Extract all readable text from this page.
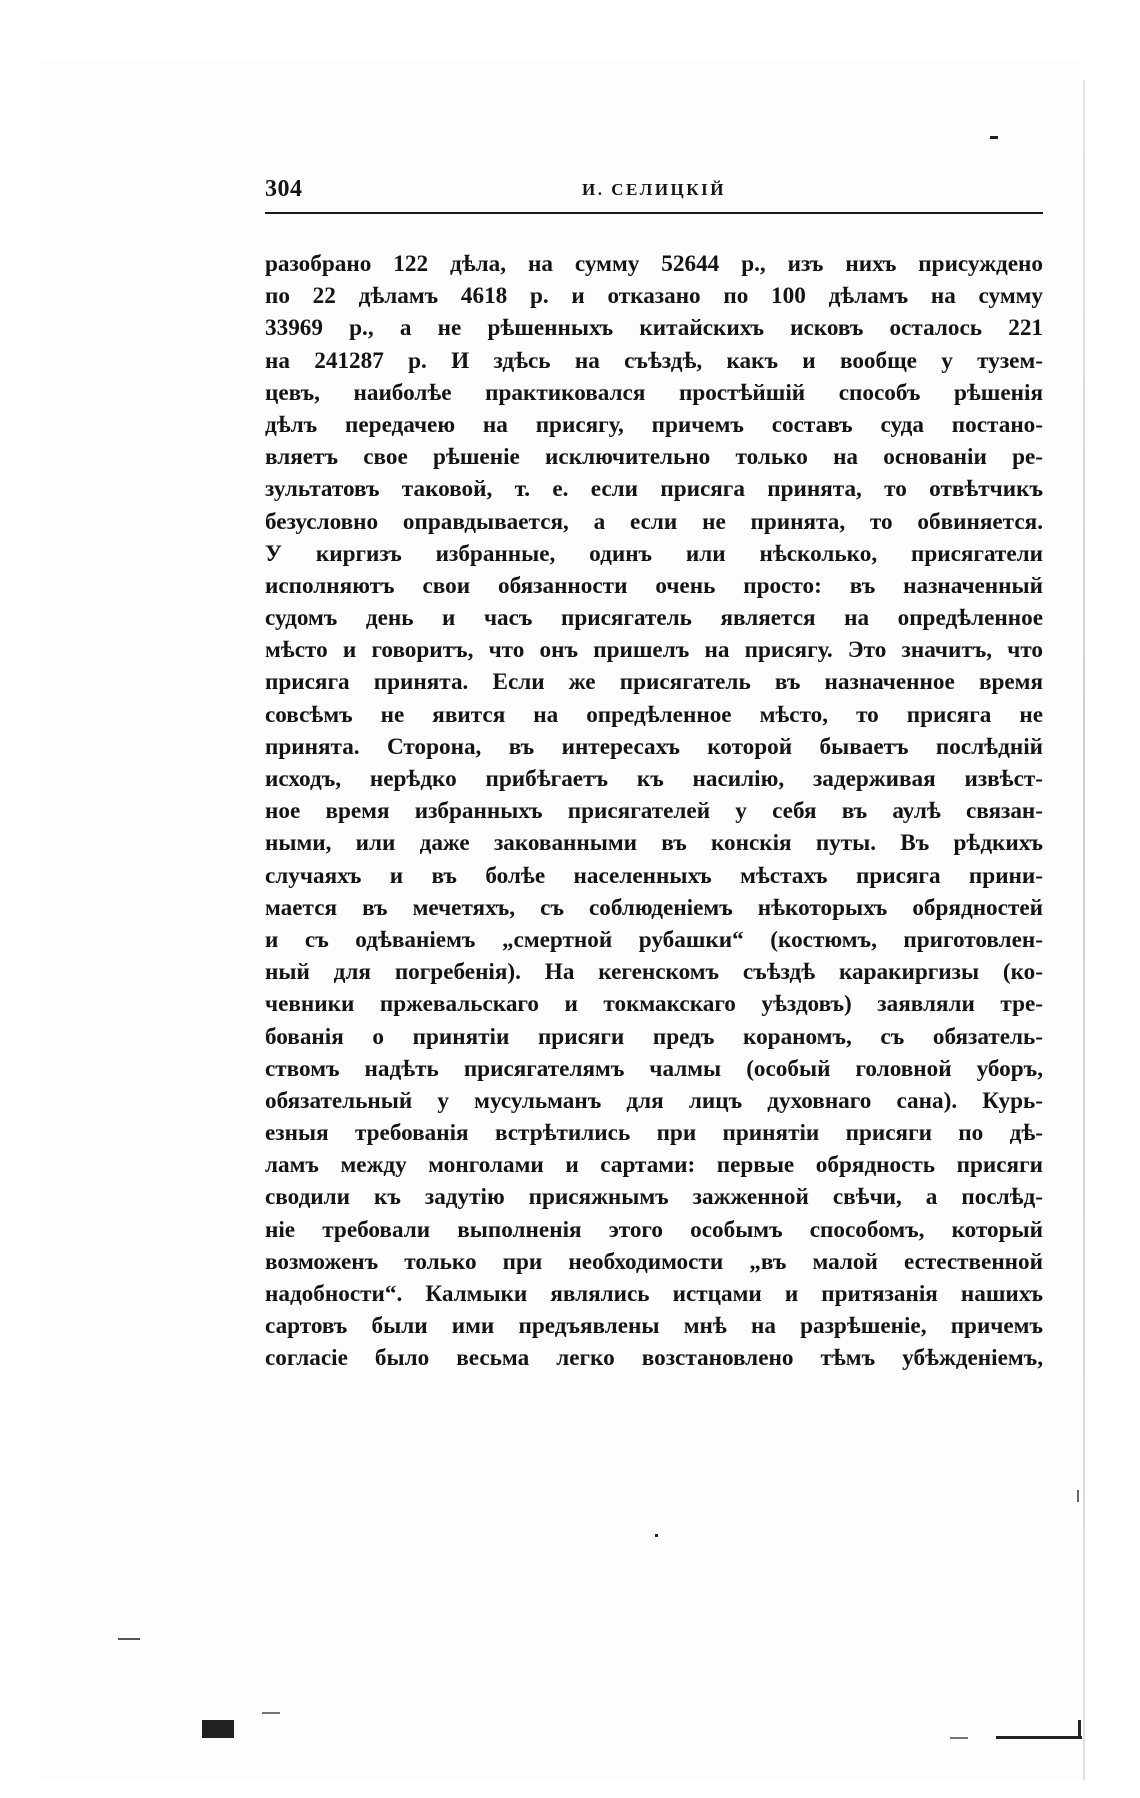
304	И. СЕЛИЦКІЙ
разобрано 122 дѣла, на сумму 52644 р., изъ нихъ присуждено
по 22 дѣламъ 4618 р. и отказано по 100 дѣламъ на сумму
33969 р., а не рѣшенныхъ китайскихъ исковъ осталось 221
на 241287 р. И здѣсь на съѣздѣ, какъ и вообще у тузем-
цевъ, наиболѣе практиковался простѣйшій способъ рѣшенія
дѣлъ передачею на присягу, причемъ составъ суда постано-
вляетъ свое рѣшеніе исключительно только на основаніи ре-
зультатовъ таковой, т. е. если присяга принята, то отвѣтчикъ
безусловно оправдывается, а если не принята, то обвиняется.
У киргизъ избранные, одинъ или нѣсколько, присягатели
исполняютъ свои обязанности очень просто: въ назначенный
судомъ день и часъ присягатель является на опредѣленное
мѣсто и говоритъ, что онъ пришелъ на присягу. Это значитъ, что
присяга принята. Если же присягатель въ назначенное время
совсѣмъ не явится на опредѣленное мѣсто, то присяга не
принята. Сторона, въ интересахъ которой бываетъ послѣдній
исходъ, нерѣдко прибѣгаетъ къ насилію, задерживая извѣст-
ное время избранныхъ присягателей у себя въ аулѣ связан-
ными, или даже закованными въ конскія путы. Въ рѣдкихъ
случаяхъ и въ болѣе населенныхъ мѣстахъ присяга прини-
мается въ мечетяхъ, съ соблюденіемъ нѣкоторыхъ обрядностей
и съ одѣваніемъ „смертной рубашки“ (костюмъ, приготовлен-
ный для погребенія). На кегенскомъ съѣздѣ каракиргизы (ко-
чевники пржевальскаго и токмакскаго уѣздовъ) заявляли тре-
бованія о принятіи присяги предъ кораномъ, съ обязатель-
ствомъ надѣть присягателямъ чалмы (особый головной уборъ,
обязательный у мусульманъ для лицъ духовнаго сана). Курь-
езныя требованія встрѣтились при принятіи присяги по дѣ-
ламъ между монголами и сартами: первые обрядность присяги
сводили къ задутію присяжнымъ зажженной свѣчи, а послѣд-
ніе требовали выполненія этого особымъ способомъ, который
возможенъ только при необходимости „въ малой естественной
надобности“. Калмыки являлись истцами и притязанія нашихъ
сартовъ были ими предъявлены мнѣ на разрѣшеніе, причемъ
согласіе было весьма легко возстановлено тѣмъ убѣжденіемъ,
